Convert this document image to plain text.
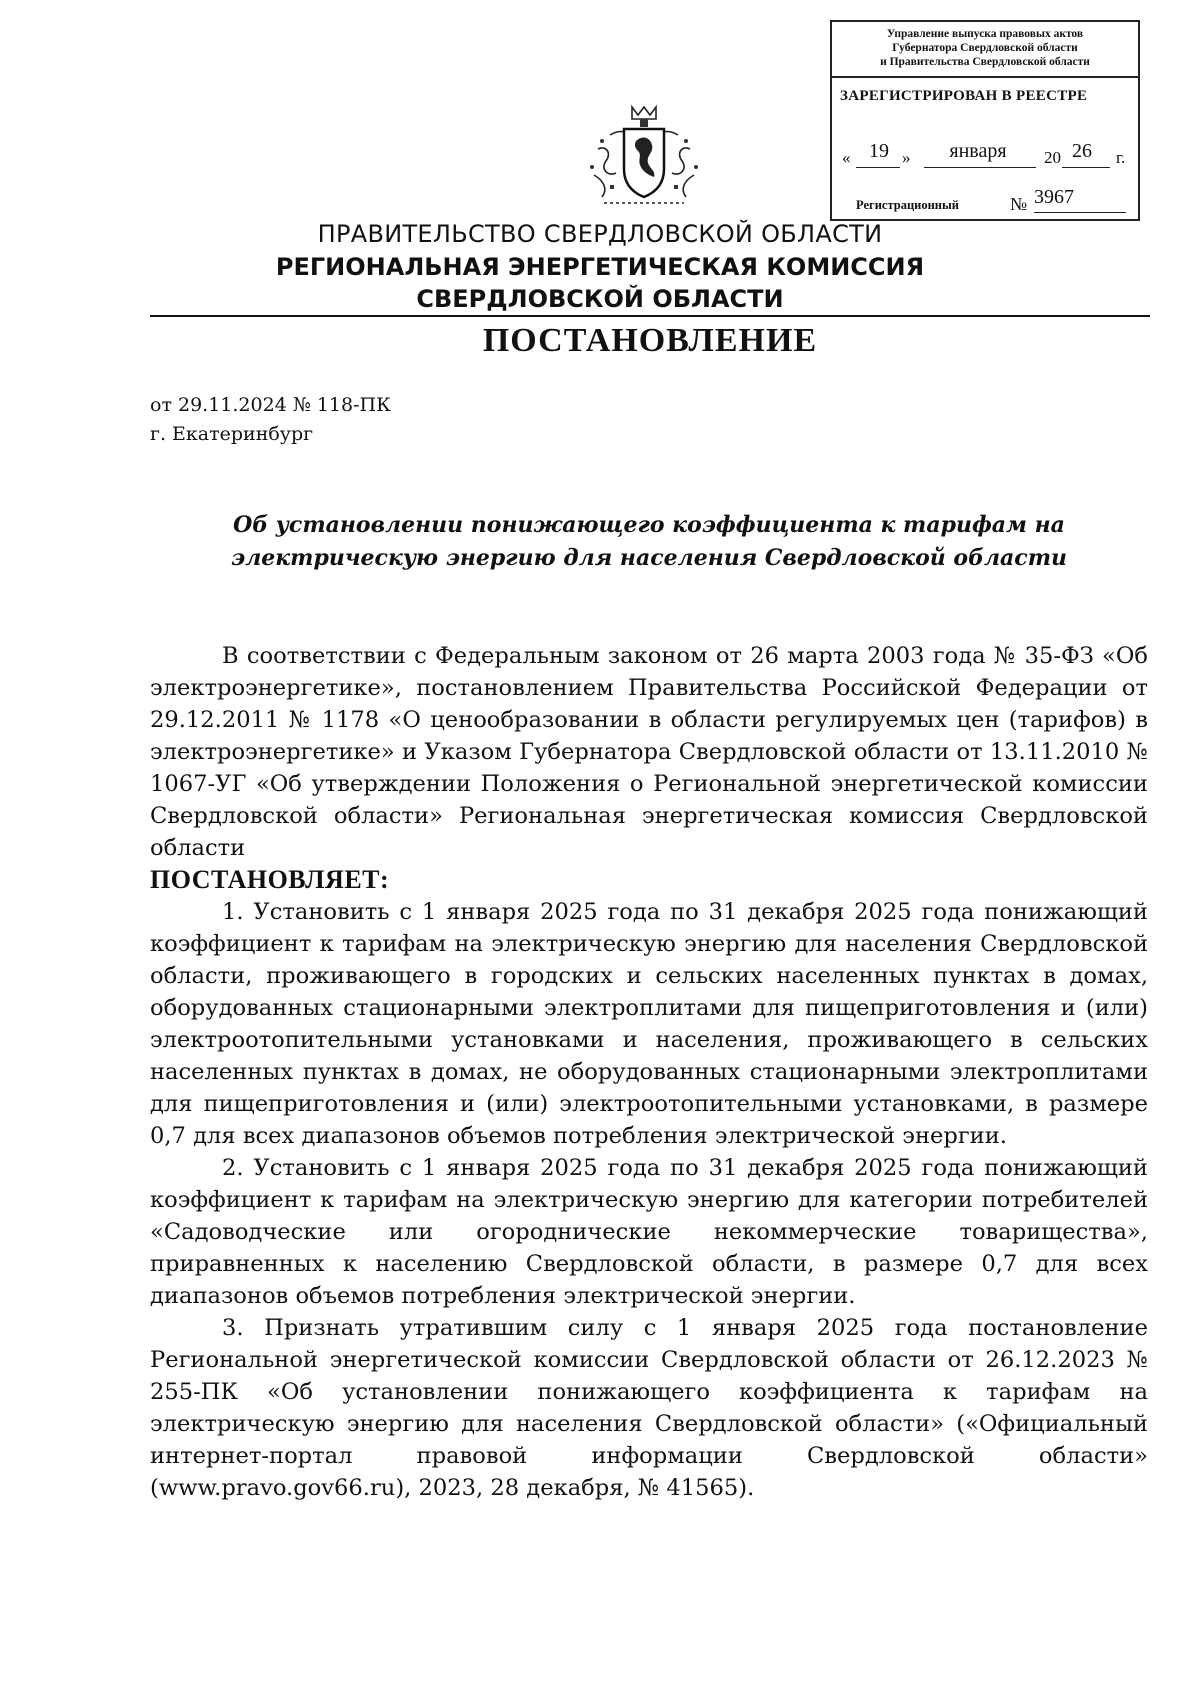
Управление выпуска правовых актов
Губернатора Свердловской области
и Правительства Свердловской области
ЗАРЕГИСТРИРОВАН В РЕЕСТРЕ
« 19 »	января	20 26	г.
Регистрационный	№ 3967
ПРАВИТЕЛЬСТВО СВЕРДЛОВСКОЙ ОБЛАСТИ
РЕГИОНАЛЬНАЯ ЭНЕРГЕТИЧЕСКАЯ КОМИССИЯ
СВЕРДЛОВСКОЙ ОБЛАСТИ
ПОСТАНОВЛЕНИЕ
от 29.11.2024 № 118-ПК
г. Екатеринбург
Об установлении понижающего коэффициента к тарифам на электрическую энергию для населения Свердловской области

В соответствии с Федеральным законом от 26 марта 2003 года № 35-ФЗ «Об электроэнергетике», постановлением Правительства Российской Федерации от 29.12.2011 № 1178 «О ценообразовании в области регулируемых цен (тарифов) в электроэнергетике» и Указом Губернатора Свердловской области от 13.11.2010 № 1067-УГ «Об утверждении Положения о Региональной энергетической комиссии Свердловской области» Региональная энергетическая комиссия Свердловской области

ПОСТАНОВЛЯЕТ:

1. Установить с 1 января 2025 года по 31 декабря 2025 года понижающий коэффициент к тарифам на электрическую энергию для населения Свердловской области, проживающего в городских и сельских населенных пунктах в домах, оборудованных стационарными электроплитами для пищеприготовления и (или) электроотопительными установками и населения, проживающего в сельских населенных пунктах в домах, не оборудованных стационарными электроплитами для пищеприготовления и (или) электроотопительными установками, в размере 0,7 для всех диапазонов объемов потребления электрической энергии.

2. Установить с 1 января 2025 года по 31 декабря 2025 года понижающий коэффициент к тарифам на электрическую энергию для категории потребителей «Садоводческие или огороднические некоммерческие товарищества», приравненных к населению Свердловской области, в размере 0,7 для всех диапазонов объемов потребления электрической энергии.

3. Признать утратившим силу с 1 января 2025 года постановление Региональной энергетической комиссии Свердловской области от 26.12.2023 № 255-ПК «Об установлении понижающего коэффициента к тарифам на электрическую энергию для населения Свердловской области» («Официальный интернет-портал правовой информации Свердловской области» (www.pravo.gov66.ru), 2023, 28 декабря, № 41565).
